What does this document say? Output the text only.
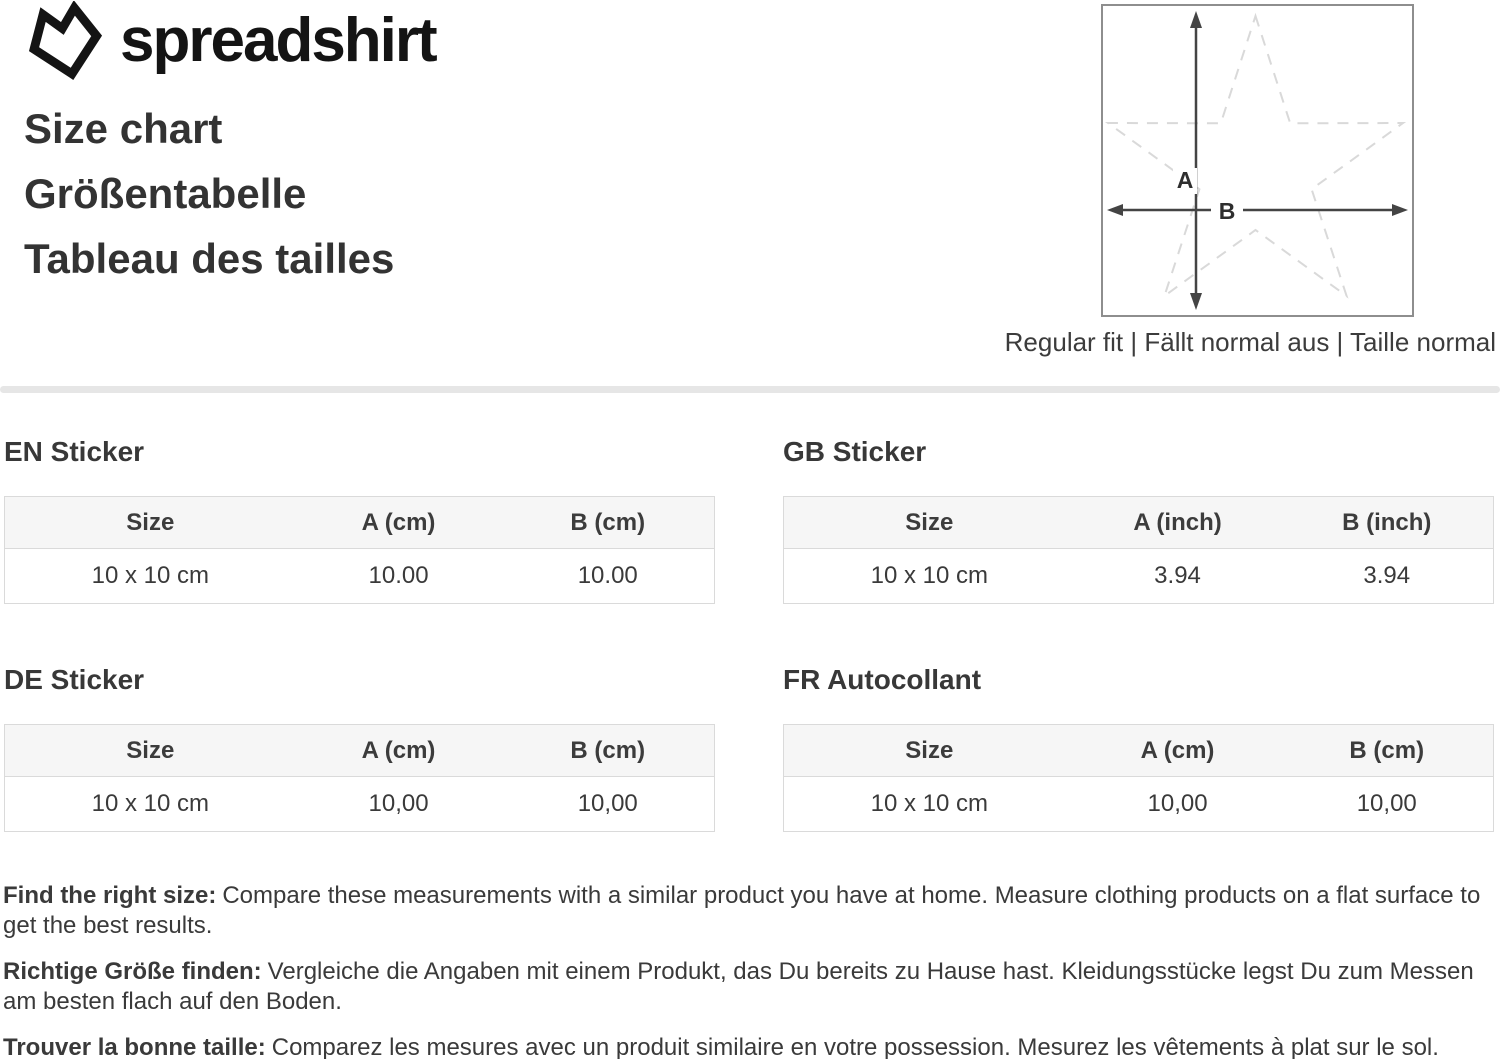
spreadshirt
Size chart
Größentabelle
Tableau des tailles
A
B
Regular fit | Fällt normal aus | Taille normal
EN Sticker
Size	A (cm)	B (cm)
10 x 10 cm	10.00	10.00
GB Sticker
Size	A (inch)	B (inch)
10 x 10 cm	3.94	3.94
DE Sticker
Size	A (cm)	B (cm)
10 x 10 cm	10,00	10,00
FR Autocollant
Size	A (cm)	B (cm)
10 x 10 cm	10,00	10,00

Find the right size: Compare these measurements with a similar product you have at home. Measure clothing products on a flat surface to get the best results.

Richtige Größe finden: Vergleiche die Angaben mit einem Produkt, das Du bereits zu Hause hast. Kleidungsstücke legst Du zum Messen am besten flach auf den Boden.

Trouver la bonne taille: Comparez les mesures avec un produit similaire en votre possession. Mesurez les vêtements à plat sur le sol.
